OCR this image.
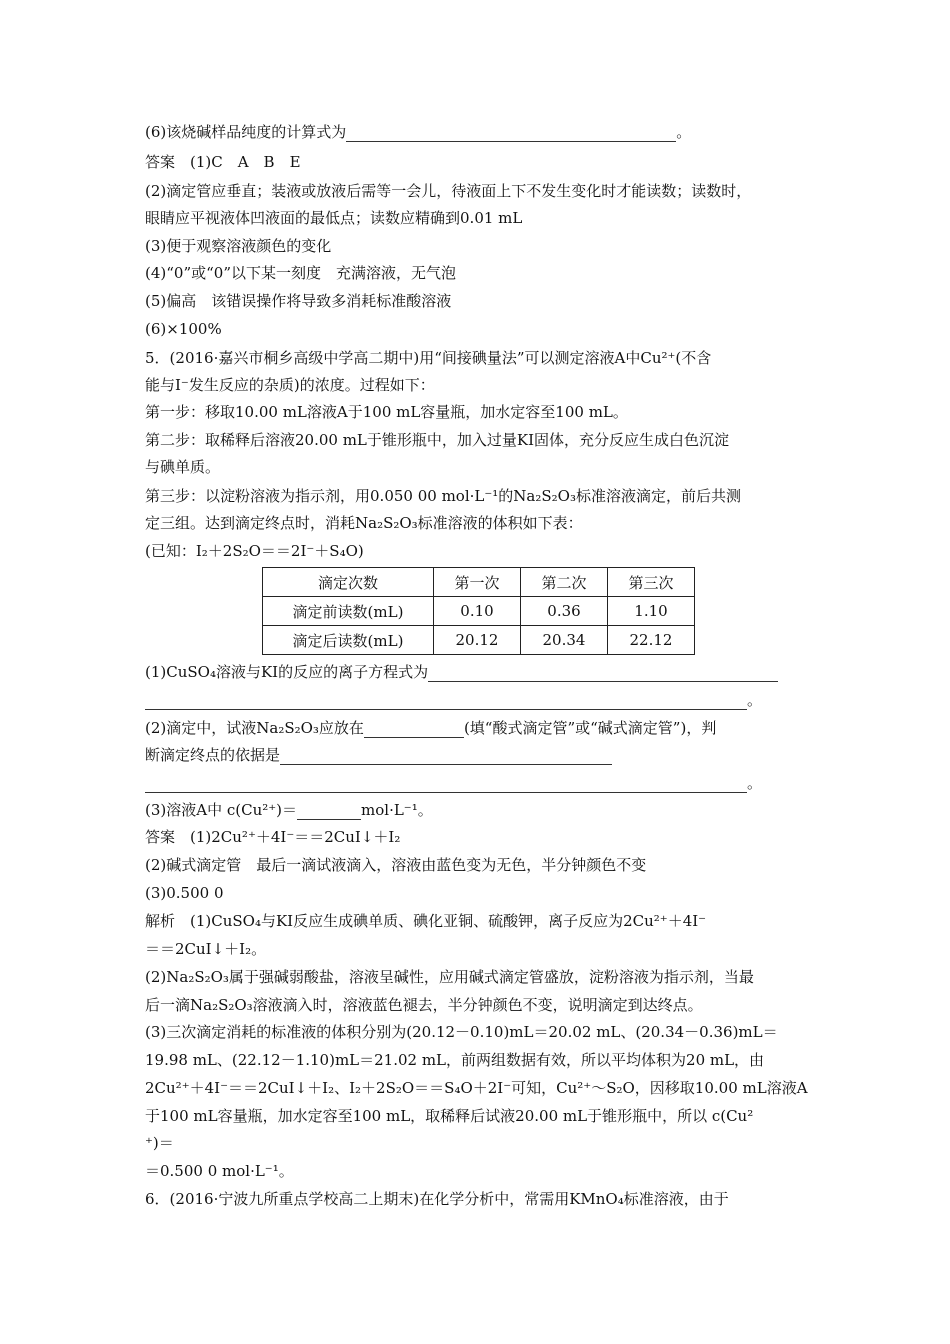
(6)该烧碱样品纯度的计算式为	。
答案　(1)C　A　B　E
(2)滴定管应垂直；装液或放液后需等一会儿，待液面上下不发生变化时才能读数；读数时，
眼睛应平视液体凹液面的最低点；读数应精确到0.01 mL
(3)便于观察溶液颜色的变化
(4)“0”或“0”以下某一刻度　充满溶液，无气泡
(5)偏高　该错误操作将导致多消耗标准酸溶液
(6)×100%
5．(2016·嘉兴市桐乡高级中学高二期中)用“间接碘量法”可以测定溶液A中Cu²⁺(不含
能与I⁻发生反应的杂质)的浓度。过程如下：
第一步：移取10.00 mL溶液A于100 mL容量瓶，加水定容至100 mL。
第二步：取稀释后溶液20.00 mL于锥形瓶中，加入过量KI固体，充分反应生成白色沉淀
与碘单质。
第三步：以淀粉溶液为指示剂，用0.050 00 mol·L⁻¹的Na₂S₂O₃标准溶液滴定，前后共测
定三组。达到滴定终点时，消耗Na₂S₂O₃标准溶液的体积如下表：
(已知：I₂＋2S₂O＝＝2I⁻＋S₄O)
滴定次数	第一次	第二次	第三次
滴定前读数(mL)	0.10	0.36	1.10
滴定后读数(mL)	20.12	20.34	22.12
(1)CuSO₄溶液与KI的反应的离子方程式为
。
(2)滴定中，试液Na₂S₂O₃应放在	(填“酸式滴定管”或“碱式滴定管”)，判
断滴定终点的依据是
。
(3)溶液A中 c(Cu²⁺)＝	mol·L⁻¹。
答案　(1)2Cu²⁺＋4I⁻＝＝2CuI↓＋I₂
(2)碱式滴定管　最后一滴试液滴入，溶液由蓝色变为无色，半分钟颜色不变
(3)0.500 0
解析　(1)CuSO₄与KI反应生成碘单质、碘化亚铜、硫酸钾，离子反应为2Cu²⁺＋4I⁻
＝＝2CuI↓＋I₂。
(2)Na₂S₂O₃属于强碱弱酸盐，溶液呈碱性，应用碱式滴定管盛放，淀粉溶液为指示剂，当最
后一滴Na₂S₂O₃溶液滴入时，溶液蓝色褪去，半分钟颜色不变，说明滴定到达终点。
(3)三次滴定消耗的标准液的体积分别为(20.12－0.10)mL＝20.02 mL、(20.34－0.36)mL＝
19.98 mL、(22.12－1.10)mL＝21.02 mL，前两组数据有效，所以平均体积为20 mL，由
2Cu²⁺＋4I⁻＝＝2CuI↓＋I₂、I₂＋2S₂O＝＝S₄O＋2I⁻可知，Cu²⁺～S₂O，因移取10.00 mL溶液A
于100 mL容量瓶，加水定容至100 mL，取稀释后试液20.00 mL于锥形瓶中，所以 c(Cu²
⁺)＝
＝0.500 0 mol·L⁻¹。
6．(2016·宁波九所重点学校高二上期末)在化学分析中，常需用KMnO₄标准溶液，由于
